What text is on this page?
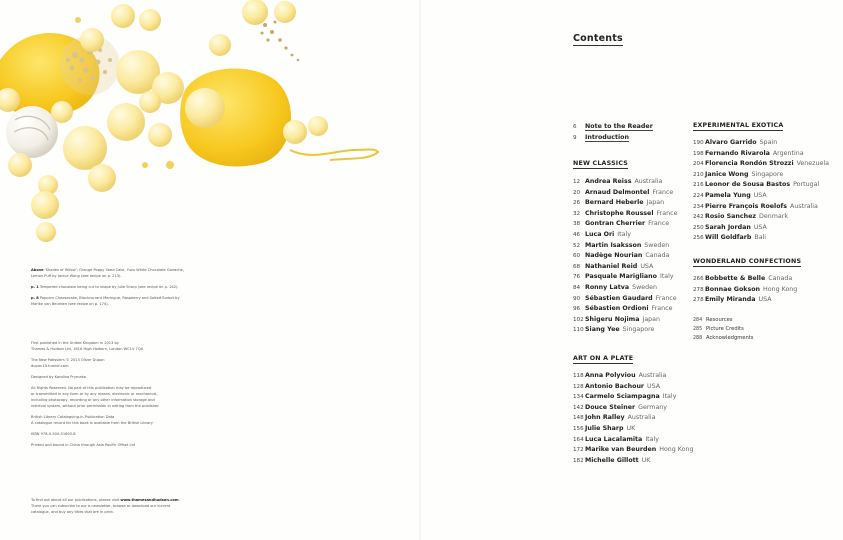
Above 'Shades of Yellow': Orange Poppy Seed Cake, Yuzu White Chocolate Ganache, Lemon Puff by Janice Wong (see recipe on p. 213).

p. 1 Tempered chocolate being cut to shape by Julie Sharp (see recipe on p. 162).

p. 8 Popcorn Cheesecake, Blackcurrant Meringue, Raspberry and Salted Sorbet by Marike van Beurden (see recipe on p. 174).

First published in the United Kingdom in 2013 by

Thames & Hudson Ltd, 181A High Holborn, London WC1V 7QX

The New Patissiers © 2013 Oliver Dupon

dupon13.tumblr.com

Designed by Karolina Prymaka

All Rights Reserved. No part of this publication may be reproduced

or transmitted in any form or by any means, electronic or mechanical,

including photocopy, recording or any other information storage and

retrieval system, without prior permission in writing from the publisher.

British Library Cataloguing-in-Publication Data

A catalogue record for this book is available from the British Library

ISBN 978-0-500-51693-8

Printed and bound in China through Asia Pacific Offset Ltd

To find out about all our publications, please visit www.thamesandhudson.com.

There you can subscribe to our e-newsletter, browse or download our current

catalogue, and buy any titles that are in print.

Contents
6 Note to the Reader
9 Introduction
NEW CLASSICS
12 Andrea Reiss Australia
20 Arnaud Delmontel France
26 Bernard Heberle Japan
32 Christophe Roussel France
38 Gontran Cherrier France
46 Luca Ori Italy
52 Martin Isaksson Sweden
60 Nadège Nourian Canada
68 Nathaniel Reid USA
76 Pasquale Marigliano Italy
84 Ronny Latva Sweden
90 Sébastien Gaudard France
96 Sébastien Ordioni France
102Shigeru Nojima Japan
110Siang Yee Singapore
ART ON A PLATE
118Anna Polyviou Australia
128Antonio Bachour USA
134Carmelo Sciampagna Italy
142Douce Steiner Germany
148John Ralley Australia
156Julie Sharp UK
164Luca Lacalamita Italy
172Marike van Beurden Hong Kong
182Michelle Gillott UK
EXPERIMENTAL EXOTICA
190Alvaro Garrido Spain
198Fernando Rivarola Argentina
204Florencia Rondón Strozzi Venezuela
210Janice Wong Singapore
216Leonor de Sousa Bastos Portugal
224Pamela Yung USA
234Pierre François Roelofs Australia
242Rosio Sanchez Denmark
250Sarah Jordan USA
256Will Goldfarb Bali
WONDERLAND CONFECTIONS
266Bobbette & Belle Canada
278Bonnae Gokson Hong Kong
278Emily Miranda USA
284 Resources
285 Picture Credits
288 Acknowledgments
